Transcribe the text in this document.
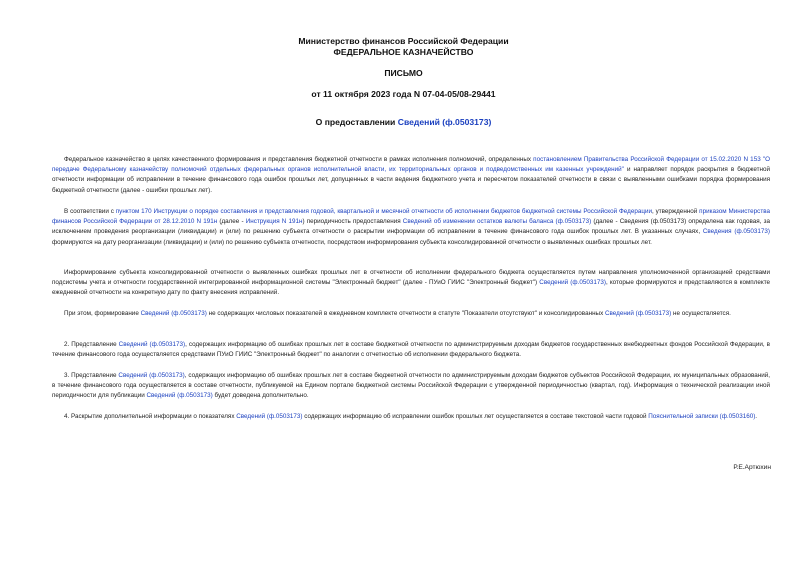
Министерство финансов Российской Федерации
ФЕДЕРАЛЬНОЕ КАЗНАЧЕЙСТВО
ПИСЬМО
от 11 октября 2023 года N 07-04-05/08-29441
О предоставлении Сведений (ф.0503173)
Федеральное казначейство в целях качественного формирования и представления бюджетной отчетности в рамках исполнения полномочий, определенных постановлением Правительства Российской Федерации от 15.02.2020 N 153 "О передаче Федеральному казначейству полномочий отдельных федеральных органов исполнительной власти, их территориальных органов и подведомственных им казенных учреждений" и направляет порядок раскрытия в бюджетной отчетности информации об исправлении в течение финансового года ошибок прошлых лет, допущенных в части ведения бюджетного учета и пересчетом показателей отчетности в связи с выявленными ошибками порядка формирования бюджетной отчетности (далее - ошибки прошлых лет).
В соответствии с пунктом 170 Инструкции о порядке составления и представления годовой, квартальной и месячной отчетности об исполнении бюджетов бюджетной системы Российской Федерации, утвержденной приказом Министерства финансов Российской Федерации от 28.12.2010 N 191н (далее - Инструкция N 191н) периодичность предоставления Сведений об изменении остатков валюты баланса (ф.0503173) (далее - Сведения (ф.0503173) определена как годовая, за исключением проведения реорганизации (ликвидации) и (или) по решению субъекта отчетности о раскрытии информации об исправлении в течение финансового года ошибок прошлых лет. В указанных случаях, Сведения (ф.0503173) формируются на дату реорганизации (ликвидации) и (или) по решению субъекта отчетности, посредством информирования субъекта консолидированной отчетности о выявленных ошибках прошлых лет.
Информирование субъекта консолидированной отчетности о выявленных ошибках прошлых лет в отчетности об исполнении федерального бюджета осуществляется путем направления уполномоченной организацией средствами подсистемы учета и отчетности государственной интегрированной информационной системы "Электронный бюджет" (далее - ПУиО ГИИС "Электронный бюджет") Сведений (ф.0503173), которые формируются и представляются в комплекте ежедневной отчетности на конкретную дату по факту внесения исправлений.
При этом, формирование Сведений (ф.0503173) не содержащих числовых показателей в ежедневном комплекте отчетности в статуте "Показатели отсутствуют" и консолидированных Сведений (ф.0503173) не осуществляется.
2. Представление Сведений (ф.0503173), содержащих информацию об ошибках прошлых лет в составе бюджетной отчетности по администрируемым доходам бюджетов государственных внебюджетных фондов Российской Федерации, в течение финансового года осуществляется средствами ПУиО ГИИС "Электронный бюджет" по аналогии с отчетностью об исполнении федерального бюджета.
3. Представление Сведений (ф.0503173), содержащих информацию об ошибках прошлых лет в составе бюджетной отчетности по администрируемым доходам бюджетов субъектов Российской Федерации, их муниципальных образований, в течение финансового года осуществляется в составе отчетности, публикуемой на Едином портале бюджетной системы Российской Федерации с утвержденной периодичностью (квартал, год). Информация о технической реализации иной периодичности для публикации Сведений (ф.0503173) будет доведена дополнительно.
4. Раскрытие дополнительной информации о показателях Сведений (ф.0503173) содержащих информацию об исправлении ошибок прошлых лет осуществляется в составе текстовой части годовой Пояснительной записки (ф.0503160).
Р.Е.Артюхин
